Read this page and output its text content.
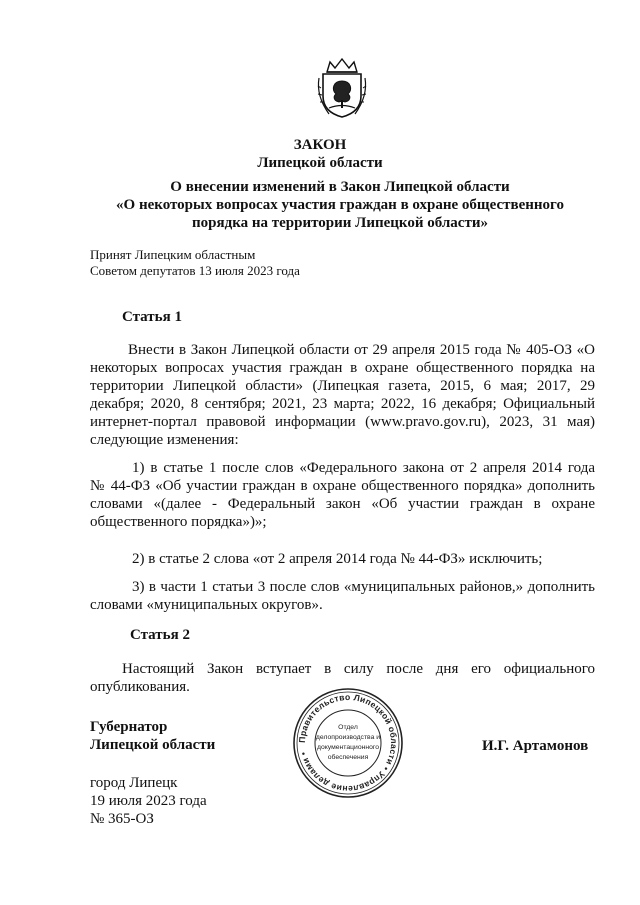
ЗАКОН
Липецкой области
О внесении изменений в Закон Липецкой области
«О некоторых вопросах участия граждан в охране общественного
порядка на территории Липецкой области»
Принят Липецким областным
Советом депутатов 13 июля 2023 года
Статья 1
Внести в Закон Липецкой области от 29 апреля 2015 года № 405-ОЗ «О
некоторых вопросах участия граждан в охране общественного порядка на
территории Липецкой области» (Липецкая газета, 2015, 6 мая; 2017, 29
декабря; 2020, 8 сентября; 2021, 23 марта; 2022, 16 декабря; Официальный
интернет-портал правовой информации (www.pravo.gov.ru), 2023, 31 мая)
следующие изменения:
1) в статье 1 после слов «Федерального закона от 2 апреля 2014 года
№ 44-ФЗ «Об участии граждан в охране общественного порядка» дополнить
словами «(далее - Федеральный закон «Об участии граждан в охране
общественного порядка»)»;
2) в статье 2 слова «от 2 апреля 2014 года № 44-ФЗ» исключить;
3) в части 1 статьи 3 после слов «муниципальных районов,» дополнить
словами «муниципальных округов».
Статья 2
Настоящий Закон вступает в силу после дня его официального
опубликования.
Губернатор
Липецкой области	Правительство Липецкой области • Управление делами •
Отдел
делопроизводства и
документационного
обеспечения
И.Г. Артамонов
город Липецк
19 июля 2023 года
№ 365-ОЗ
